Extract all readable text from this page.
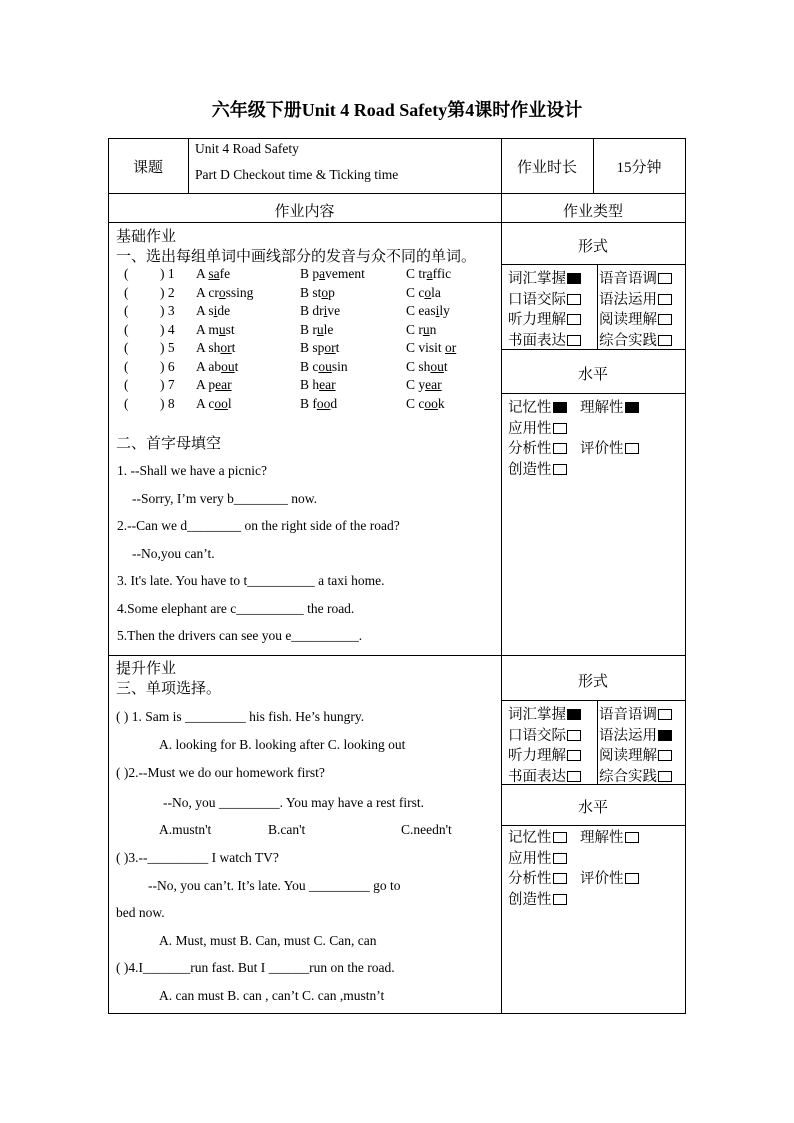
六年级下册Unit 4 Road Safety第4课时作业设计
课题
Unit 4 Road Safety
Part D Checkout time & Ticking time	作业时长	15分钟
作业内容	作业类型
基础作业
一、选出每组单词中画线部分的发音与众不同的单词。
( ) 1 A safe	B pavement	C traffic
( ) 2 A crossing	B stop	C cola
( ) 3 A side	B drive	C easily
( ) 4 A must	B rule	C run
( ) 5 A short	B sport	C visit or
( ) 6 A about	B cousin	C shout
( ) 7 A pear	B hear	C year
( ) 8 A cool	B food	C cook
二、首字母填空
1. --Shall we have a picnic?
--Sorry, I’m very b________ now.
2.--Can we d________ on the right side of the road?
--No,you can’t.
3. It's late. You have to t__________ a taxi home.
4.Some elephant are c__________ the road.
5.Then the drivers can see you e__________.
提升作业
三、单项选择。
( ) 1. Sam is _________ his fish. He’s hungry.
A. looking for B. looking after C. looking out
( )2.--Must we do our homework first?
--No, you _________. You may have a rest first.
A.mustn't	B.can't	C.needn't
( )3.--_________ I watch TV?
--No, you can’t. It’s late. You _________ go to
bed now.
A. Must, must B. Can, must C. Can, can
( )4.I_______run fast. But I ______run on the road.
A. can must B. can , can’t C. can ,mustn’t
形式
水平
形式
水平
词汇掌握	语音语调
口语交际	语法运用
听力理解	阅读理解
书面表达	综合实践
词汇掌握	语音语调
口语交际	语法运用
听力理解	阅读理解
书面表达	综合实践
记忆性	理解性
应用性
分析性	评价性
创造性
记忆性	理解性
应用性
分析性	评价性
创造性
